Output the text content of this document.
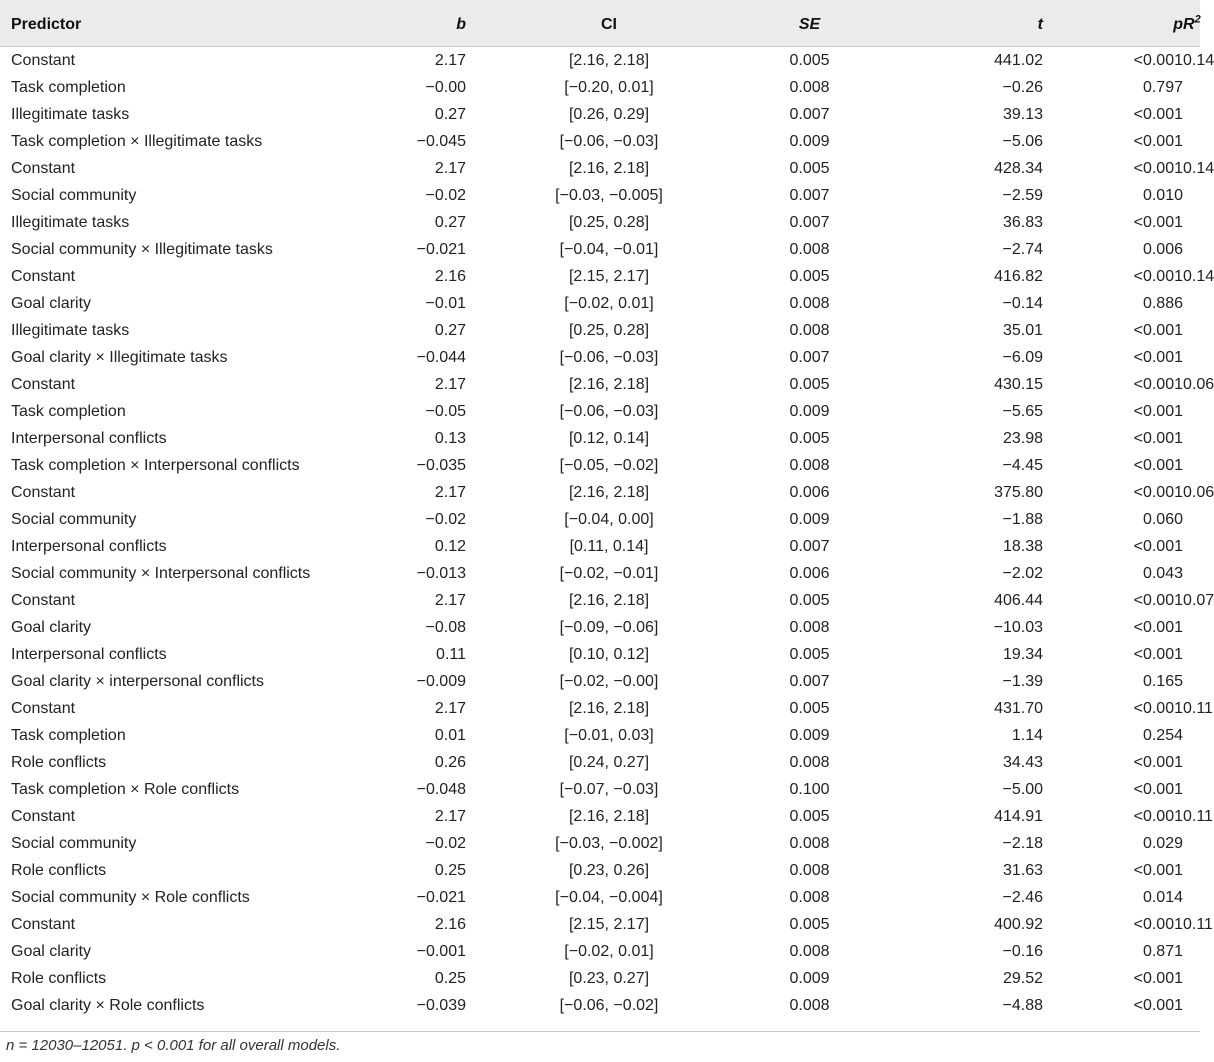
Predictor	b	CI	SE	t	p	$R^2$
Constant	2.17	[2.16, 2.18]	0.005	441.02	<0.001	0.14
Task completion	−0.00	[−0.20, 0.01]	0.008	−0.26	0.797	
Illegitimate tasks	0.27	[0.26, 0.29]	0.007	39.13	<0.001	
Task completion × Illegitimate tasks	−0.045	[−0.06, −0.03]	0.009	−5.06	<0.001	
Constant	2.17	[2.16, 2.18]	0.005	428.34	<0.001	0.14
Social community	−0.02	[−0.03, −0.005]	0.007	−2.59	0.010	
Illegitimate tasks	0.27	[0.25, 0.28]	0.007	36.83	<0.001	
Social community × Illegitimate tasks	−0.021	[−0.04, −0.01]	0.008	−2.74	0.006	
Constant	2.16	[2.15, 2.17]	0.005	416.82	<0.001	0.14
Goal clarity	−0.01	[−0.02, 0.01]	0.008	−0.14	0.886	
Illegitimate tasks	0.27	[0.25, 0.28]	0.008	35.01	<0.001	
Goal clarity × Illegitimate tasks	−0.044	[−0.06, −0.03]	0.007	−6.09	<0.001	
Constant	2.17	[2.16, 2.18]	0.005	430.15	<0.001	0.06
Task completion	−0.05	[−0.06, −0.03]	0.009	−5.65	<0.001	
Interpersonal conflicts	0.13	[0.12, 0.14]	0.005	23.98	<0.001	
Task completion × Interpersonal conflicts	−0.035	[−0.05, −0.02]	0.008	−4.45	<0.001	
Constant	2.17	[2.16, 2.18]	0.006	375.80	<0.001	0.06
Social community	−0.02	[−0.04, 0.00]	0.009	−1.88	0.060	
Interpersonal conflicts	0.12	[0.11, 0.14]	0.007	18.38	<0.001	
Social community × Interpersonal conflicts	−0.013	[−0.02, −0.01]	0.006	−2.02	0.043	
Constant	2.17	[2.16, 2.18]	0.005	406.44	<0.001	0.07
Goal clarity	−0.08	[−0.09, −0.06]	0.008	−10.03	<0.001	
Interpersonal conflicts	0.11	[0.10, 0.12]	0.005	19.34	<0.001	
Goal clarity × interpersonal conflicts	−0.009	[−0.02, −0.00]	0.007	−1.39	0.165	
Constant	2.17	[2.16, 2.18]	0.005	431.70	<0.001	0.11
Task completion	0.01	[−0.01, 0.03]	0.009	1.14	0.254	
Role conflicts	0.26	[0.24, 0.27]	0.008	34.43	<0.001	
Task completion × Role conflicts	−0.048	[−0.07, −0.03]	0.100	−5.00	<0.001	
Constant	2.17	[2.16, 2.18]	0.005	414.91	<0.001	0.11
Social community	−0.02	[−0.03, −0.002]	0.008	−2.18	0.029	
Role conflicts	0.25	[0.23, 0.26]	0.008	31.63	<0.001	
Social community × Role conflicts	−0.021	[−0.04, −0.004]	0.008	−2.46	0.014	
Constant	2.16	[2.15, 2.17]	0.005	400.92	<0.001	0.11
Goal clarity	−0.001	[−0.02, 0.01]	0.008	−0.16	0.871	
Role conflicts	0.25	[0.23, 0.27]	0.009	29.52	<0.001	
Goal clarity × Role conflicts	−0.039	[−0.06, −0.02]	0.008	−4.88	<0.001	
n = 12030–12051. p < 0.001 for all overall models.
